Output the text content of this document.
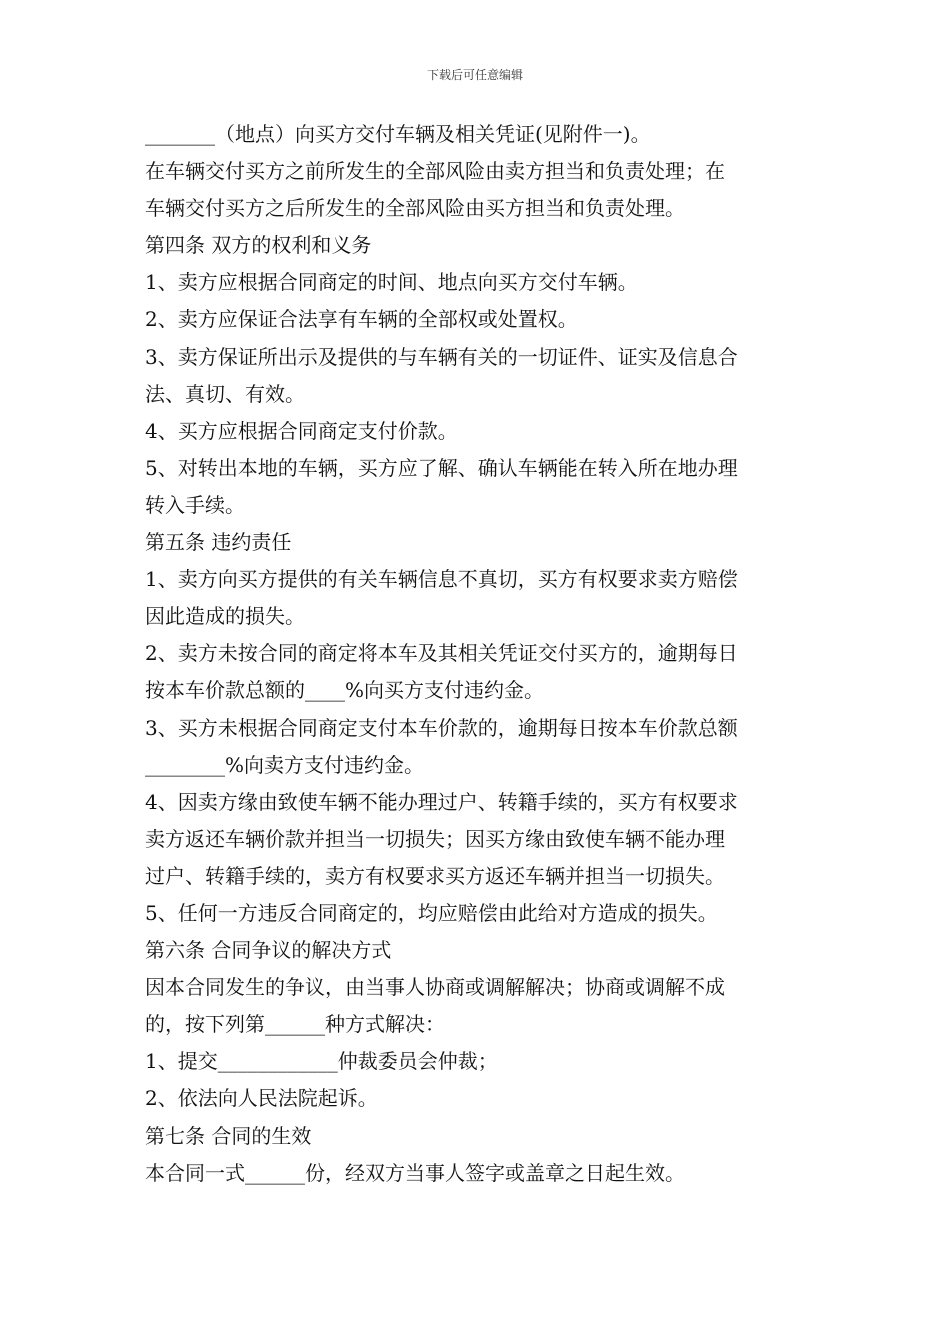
下载后可任意编辑
_______（地点）向买方交付车辆及相关凭证(见附件一)。
在车辆交付买方之前所发生的全部风险由卖方担当和负责处理；在
车辆交付买方之后所发生的全部风险由买方担当和负责处理。
第四条 双方的权利和义务
1、卖方应根据合同商定的时间、地点向买方交付车辆。
2、卖方应保证合法享有车辆的全部权或处置权。
3、卖方保证所出示及提供的与车辆有关的一切证件、证实及信息合
法、真切、有效。
4、买方应根据合同商定支付价款。
5、对转出本地的车辆，买方应了解、确认车辆能在转入所在地办理
转入手续。
第五条 违约责任
1、卖方向买方提供的有关车辆信息不真切，买方有权要求卖方赔偿
因此造成的损失。
2、卖方未按合同的商定将本车及其相关凭证交付买方的，逾期每日
按本车价款总额的____%向买方支付违约金。
3、买方未根据合同商定支付本车价款的，逾期每日按本车价款总额
________%向卖方支付违约金。
4、因卖方缘由致使车辆不能办理过户、转籍手续的，买方有权要求
卖方返还车辆价款并担当一切损失；因买方缘由致使车辆不能办理
过户、转籍手续的，卖方有权要求买方返还车辆并担当一切损失。
5、任何一方违反合同商定的，均应赔偿由此给对方造成的损失。
第六条 合同争议的解决方式
因本合同发生的争议，由当事人协商或调解解决；协商或调解不成
的，按下列第______种方式解决：
1、提交____________仲裁委员会仲裁；
2、依法向人民法院起诉。
第七条 合同的生效
本合同一式______份，经双方当事人签字或盖章之日起生效。
